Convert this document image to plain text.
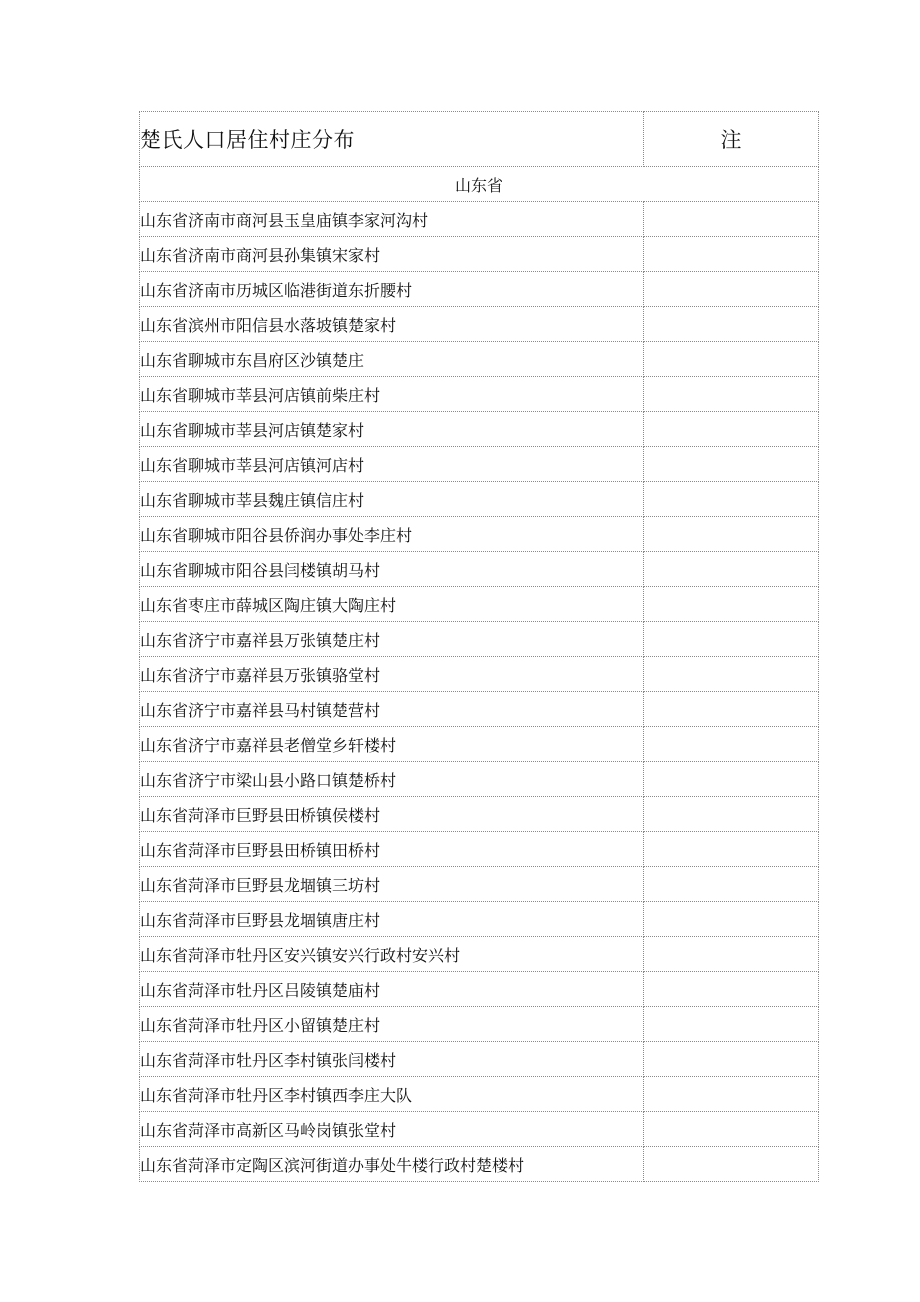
楚氏人口居住村庄分布	注
山东省	
山东省济南市商河县玉皇庙镇李家河沟村	
山东省济南市商河县孙集镇宋家村	
山东省济南市历城区临港街道东折腰村	
山东省滨州市阳信县水落坡镇楚家村	
山东省聊城市东昌府区沙镇楚庄	
山东省聊城市莘县河店镇前柴庄村	
山东省聊城市莘县河店镇楚家村	
山东省聊城市莘县河店镇河店村	
山东省聊城市莘县魏庄镇信庄村	
山东省聊城市阳谷县侨润办事处李庄村	
山东省聊城市阳谷县闫楼镇胡马村	
山东省枣庄市薛城区陶庄镇大陶庄村	
山东省济宁市嘉祥县万张镇楚庄村	
山东省济宁市嘉祥县万张镇骆堂村	
山东省济宁市嘉祥县马村镇楚营村	
山东省济宁市嘉祥县老僧堂乡轩楼村	
山东省济宁市梁山县小路口镇楚桥村	
山东省菏泽市巨野县田桥镇侯楼村	
山东省菏泽市巨野县田桥镇田桥村	
山东省菏泽市巨野县龙堌镇三坊村	
山东省菏泽市巨野县龙堌镇唐庄村	
山东省菏泽市牡丹区安兴镇安兴行政村安兴村	
山东省菏泽市牡丹区吕陵镇楚庙村	
山东省菏泽市牡丹区小留镇楚庄村	
山东省菏泽市牡丹区李村镇张闫楼村	
山东省菏泽市牡丹区李村镇西李庄大队	
山东省菏泽市高新区马岭岗镇张堂村	
山东省菏泽市定陶区滨河街道办事处牛楼行政村楚楼村	
